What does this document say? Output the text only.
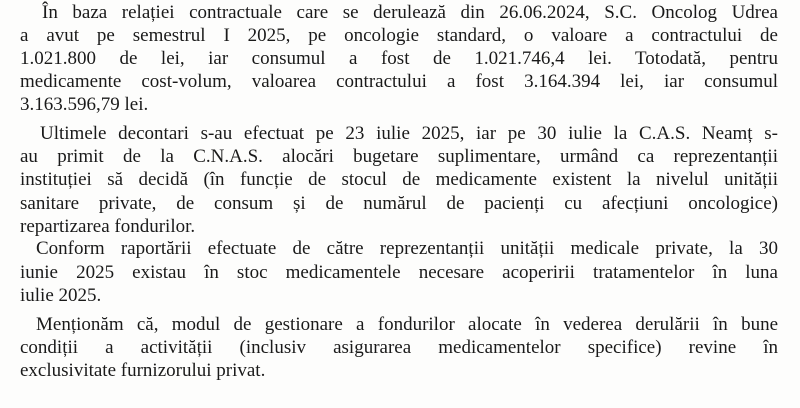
În baza relației contractuale care se derulează din 26.06.2024, S.C. Oncolog Udrea
a avut pe semestrul I 2025, pe oncologie standard, o valoare a contractului de
1.021.800 de lei, iar consumul a fost de 1.021.746,4 lei. Totodată, pentru
medicamente cost-volum, valoarea contractului a fost 3.164.394 lei, iar consumul
3.163.596,79 lei.
Ultimele decontari s-au efectuat pe 23 iulie 2025, iar pe 30 iulie la C.A.S. Neamț s-
au primit de la C.N.A.S. alocări bugetare suplimentare, urmând ca reprezentanții
instituției să decidă (în funcție de stocul de medicamente existent la nivelul unității
sanitare private, de consum și de numărul de pacienți cu afecțiuni oncologice)
repartizarea fondurilor.
Conform raportării efectuate de către reprezentanții unității medicale private, la 30
iunie 2025 existau în stoc medicamentele necesare acoperirii tratamentelor în luna
iulie 2025.
Menționăm că, modul de gestionare a fondurilor alocate în vederea derulării în bune
condiții a activității (inclusiv asigurarea medicamentelor specifice) revine în
exclusivitate furnizorului privat.
